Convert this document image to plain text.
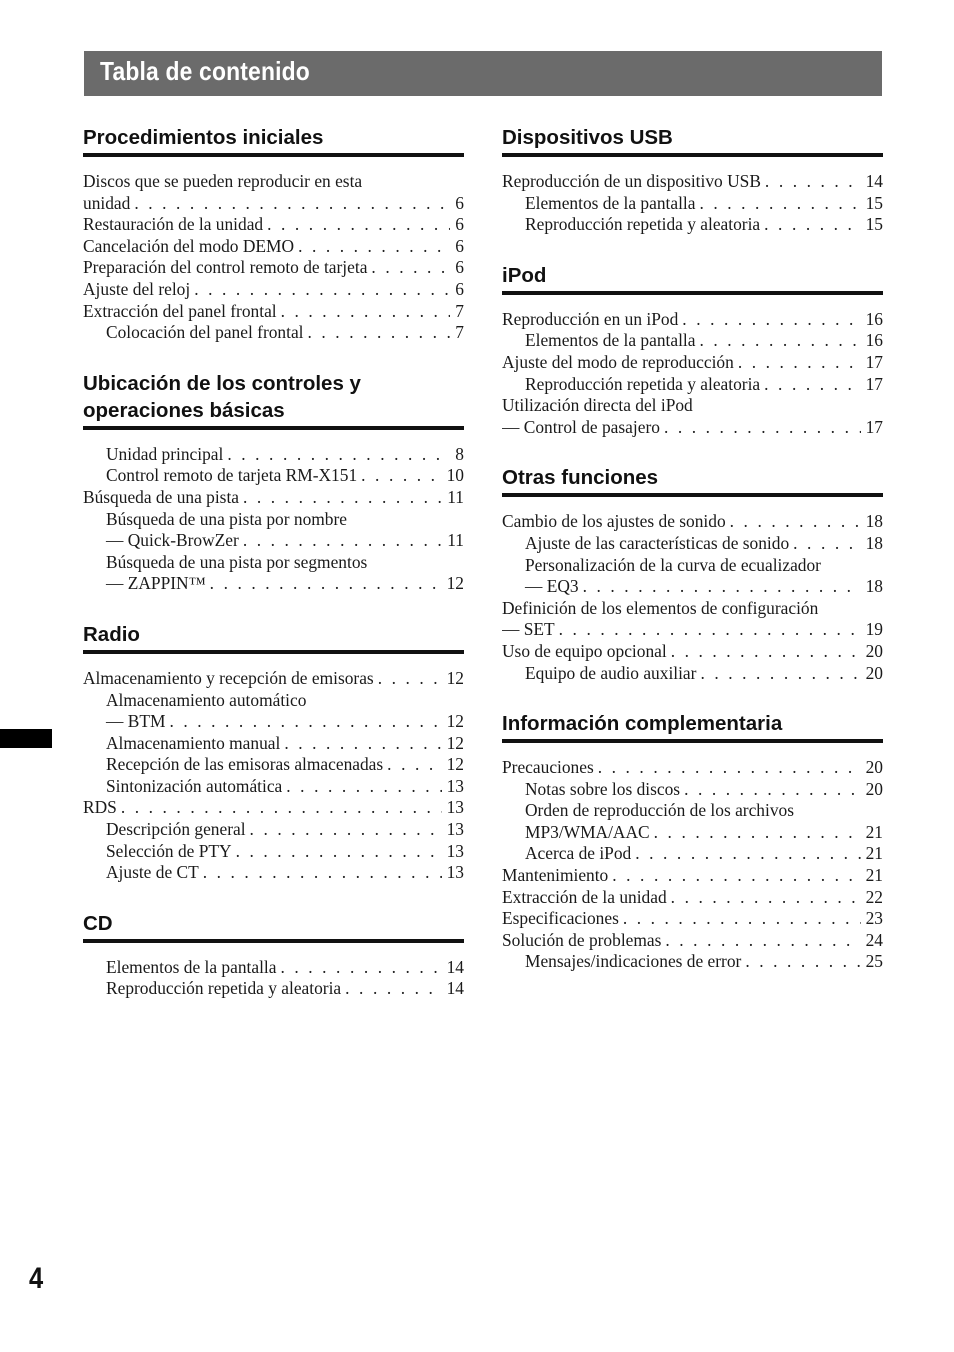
Tabla de contenido
Procedimientos iniciales
Discos que se pueden reproducir en esta
unidad . . .	6
Restauración de la unidad . . .	6
Cancelación del modo DEMO . . .	6
Preparación del control remoto de tarjeta . . .	6
Ajuste del reloj . . .	6
Extracción del panel frontal . . .	7
Colocación del panel frontal . . .	7
Ubicación de los controles y operaciones básicas
Unidad principal . . .	8
Control remoto de tarjeta RM-X151 . . .	10
Búsqueda de una pista . . .	11
Búsqueda de una pista por nombre
— Quick-BrowZer . . .	11
Búsqueda de una pista por segmentos
— ZAPPIN™ . . .	12
Radio
Almacenamiento y recepción de emisoras . . .	12
Almacenamiento automático
— BTM . . .	12
Almacenamiento manual . . .	12
Recepción de las emisoras almacenadas . . .	12
Sintonización automática . . .	13
RDS . . .	13
Descripción general . . .	13
Selección de PTY . . .	13
Ajuste de CT . . .	13
CD
Elementos de la pantalla . . .	14
Reproducción repetida y aleatoria . . .	14
Dispositivos USB
Reproducción de un dispositivo USB . . .	14
Elementos de la pantalla . . .	15
Reproducción repetida y aleatoria . . .	15
iPod
Reproducción en un iPod . . .	16
Elementos de la pantalla . . .	16
Ajuste del modo de reproducción . . .	17
Reproducción repetida y aleatoria . . .	17
Utilización directa del iPod
— Control de pasajero . . .	17
Otras funciones
Cambio de los ajustes de sonido . . .	18
Ajuste de las características de sonido . . .	18
Personalización de la curva de ecualizador
— EQ3 . . .	18
Definición de los elementos de configuración
— SET . . .	19
Uso de equipo opcional . . .	20
Equipo de audio auxiliar . . .	20
Información complementaria
Precauciones . . .	20
Notas sobre los discos . . .	20
Orden de reproducción de los archivos
MP3/WMA/AAC . . .	21
Acerca de iPod . . .	21
Mantenimiento . . .	21
Extracción de la unidad . . .	22
Especificaciones . . .	23
Solución de problemas . . .	24
Mensajes/indicaciones de error . . .	25
4
